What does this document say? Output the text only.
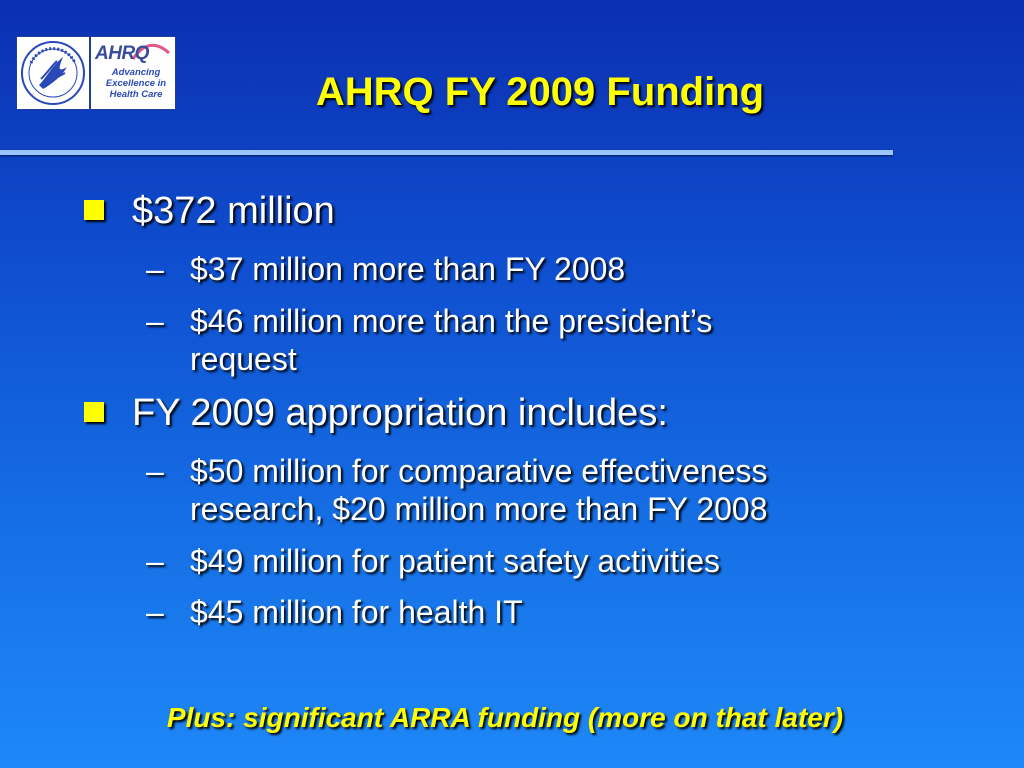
AHRQ
Advancing
Excellence in
Health Care	AHRQ FY 2009 Funding
$372 million
– $37 million more than FY 2008
– $46 million more than the president’s
request
FY 2009 appropriation includes:
– $50 million for comparative effectiveness
research, $20 million more than FY 2008
– $49 million for patient safety activities
– $45 million for health IT
Plus: significant ARRA funding (more on that later)
